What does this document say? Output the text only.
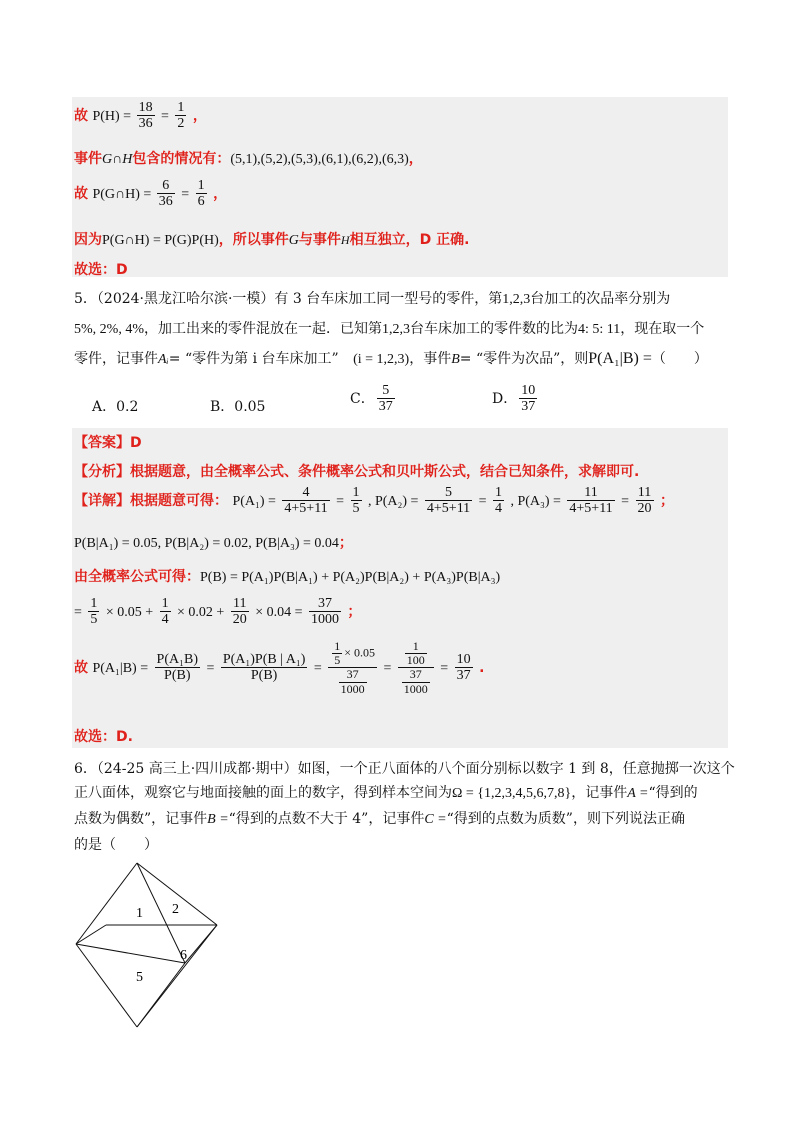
故 $P(H) = \frac{18}{36} = \frac{1}{2}$ ，
事件G∩H包含的情况有：(5,1),(5,2),(5,3),(6,1),(6,2),(6,3)，
故 P(G∩H) = $\frac{6}{36} = \frac{1}{6}$ ，
因为P(G∩H) = P(G)P(H)，所以事件G与事件H相互独立，D 正确.
故选：D
5．（2024·黑龙江哈尔滨·一模）有 3 台车床加工同一型号的零件，第1,2,3台加工的次品率分别为
5%, 2%, 4%，加工出来的零件混放在一起．已知第1,2,3台车床加工的零件数的比为4: 5: 11，现在取一个
零件，记事件Aᵢ= “零件为第 i 台车床加工” (i = 1,2,3)，事件B= “零件为次品”，则P(A₁|B) =（　　）
A．0.2	B．0.05
C． $\frac{5}{37}$	D． $\frac{10}{37}$
【答案】D
【分析】根据题意，由全概率公式、条件概率公式和贝叶斯公式，结合已知条件，求解即可.
【详解】根据题意可得： $P(A_1) = \frac{4}{4+5+11} = \frac{1}{5}$ , $P(A_2) = \frac{5}{4+5+11} = \frac{1}{4}$ , $P(A_3) = \frac{11}{4+5+11} = \frac{11}{20}$ ；
P(B|A₁) = 0.05, P(B|A₂) = 0.02, P(B|A₃) = 0.04；
由全概率公式可得：P(B) = P(A₁)P(B|A₁) + P(A₂)P(B|A₂) + P(A₃)P(B|A₃)
= $\frac{1}{5} \times 0.05 + \frac{1}{4} \times 0.02 + \frac{11}{20} \times 0.04 = \frac{37}{1000}$ ；
故 $P(A_1|B) = \frac{\text{P(A₁B)}}{P(B)} = \frac{\text{P(A₁)P(B | A₁)}}{P(B)} = \frac{\frac{1}{5} \times 0.05}{\frac{37}{1000}} = \frac{\frac{1}{100}}{\frac{37}{1000}} = \frac{10}{37}$ .
故选：D.
6．（24-25 高三上·四川成都·期中）如图，一个正八面体的八个面分别标以数字 1 到 8，任意抛掷一次这个
正八面体，观察它与地面接触的面上的数字，得到样本空间为Ω = {1,2,3,4,5,6,7,8}，记事件A =“得到的
点数为偶数”，记事件B =“得到的点数不大于 4”，记事件C =“得到的点数为质数”，则下列说法正确
的是（　　）
1 2
5
6
